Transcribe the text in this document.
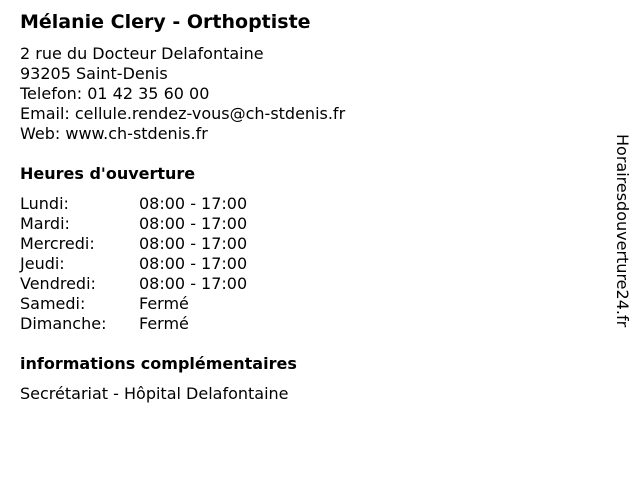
Mélanie Clery - Orthoptiste
2 rue du Docteur Delafontaine
93205 Saint-Denis
Telefon: 01 42 35 60 00
Email: cellule.rendez-vous@ch-stdenis.fr
Web: www.ch-stdenis.fr
Heures d'ouverture
Lundi:	08:00 - 17:00
Mardi:	08:00 - 17:00
Mercredi:	08:00 - 17:00
Jeudi:	08:00 - 17:00
Vendredi:	08:00 - 17:00
Samedi:	Fermé
Dimanche:	Fermé
informations complémentaires
Secrétariat - Hôpital Delafontaine
Horairesdouverture24.fr
